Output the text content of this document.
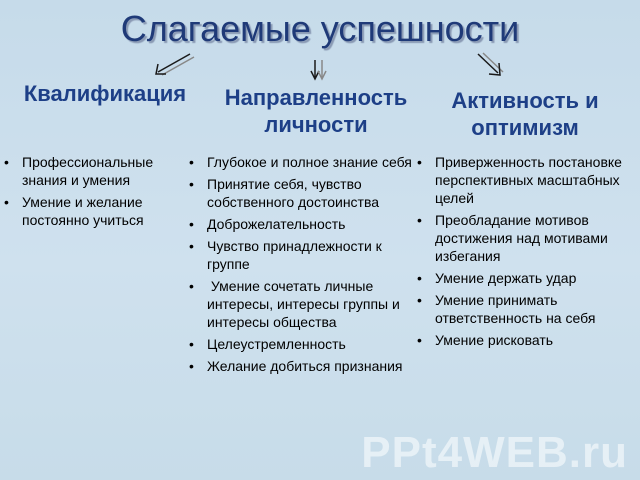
Слагаемые успешности
Квалификация	Направленность
личности
Активность и
оптимизм
• Профессиональные знания и умения
• Умение и желание постоянно учиться
• Глубокое и полное знание себя
• Принятие себя, чувство собственного достоинства
• Доброжелательность
• Чувство принадлежности к группе
•  Умение сочетать личные интересы, интересы группы и интересы общества
• Целеустремленность
• Желание добиться признания
• Приверженность постановке перспективных масштабных целей
• Преобладание мотивов достижения над мотивами избегания
• Умение держать удар
• Умение принимать ответственность на себя
• Умение рисковать
PPt4WEB.ru
